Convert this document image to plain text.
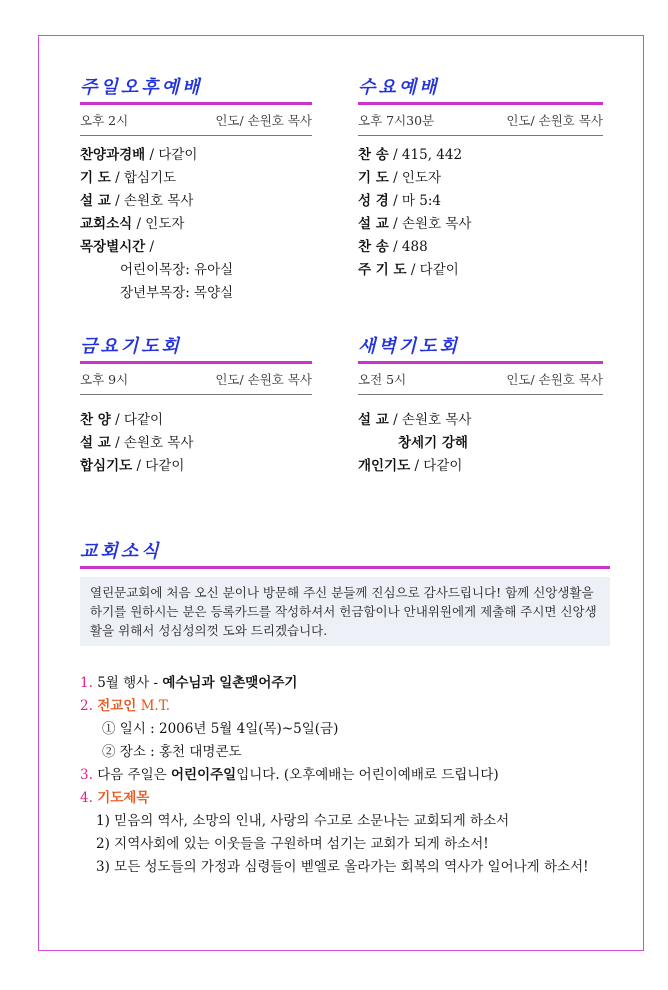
주일오후예배
오후 2시	인도/ 손원호 목사
찬양과경배 / 다같이
기 도 / 합심기도
설 교 / 손원호 목사
교회소식 / 인도자
목장별시간 /
어린이목장: 유아실
장년부목장: 목양실
수요예배
오후 7시30분	인도/ 손원호 목사
찬 송 / 415, 442
기 도 / 인도자
성 경 / 마 5:4
설 교 / 손원호 목사
찬 송 / 488
주 기 도 / 다같이
금요기도회
오후 9시	인도/ 손원호 목사
찬 양 / 다같이
설 교 / 손원호 목사
합심기도 / 다같이
새벽기도회
오전 5시	인도/ 손원호 목사
설 교 / 손원호 목사
창세기 강해
개인기도 / 다같이
교회소식
열린문교회에 처음 오신 분이나 방문해 주신 분들께 진심으로 감사드립니다! 함께 신앙생활을 하기를 원하시는 분은 등록카드를 작성하셔서 헌금함이나 안내위원에게 제출해 주시면 신앙생활을 위해서 성심성의껏 도와 드리겠습니다.
1. 5월 행사 - 예수님과 일촌맺어주기
2. 전교인 M.T.
① 일시 : 2006년 5월 4일(목)~5일(금)
② 장소 : 홍천 대명콘도
3. 다음 주일은 어린이주일입니다. (오후예배는 어린이예배로 드립니다)
4. 기도제목
1) 믿음의 역사, 소망의 인내, 사랑의 수고로 소문나는 교회되게 하소서
2) 지역사회에 있는 이웃들을 구원하며 섬기는 교회가 되게 하소서!
3) 모든 성도들의 가정과 심령들이 벧엘로 올라가는 회복의 역사가 일어나게 하소서!
